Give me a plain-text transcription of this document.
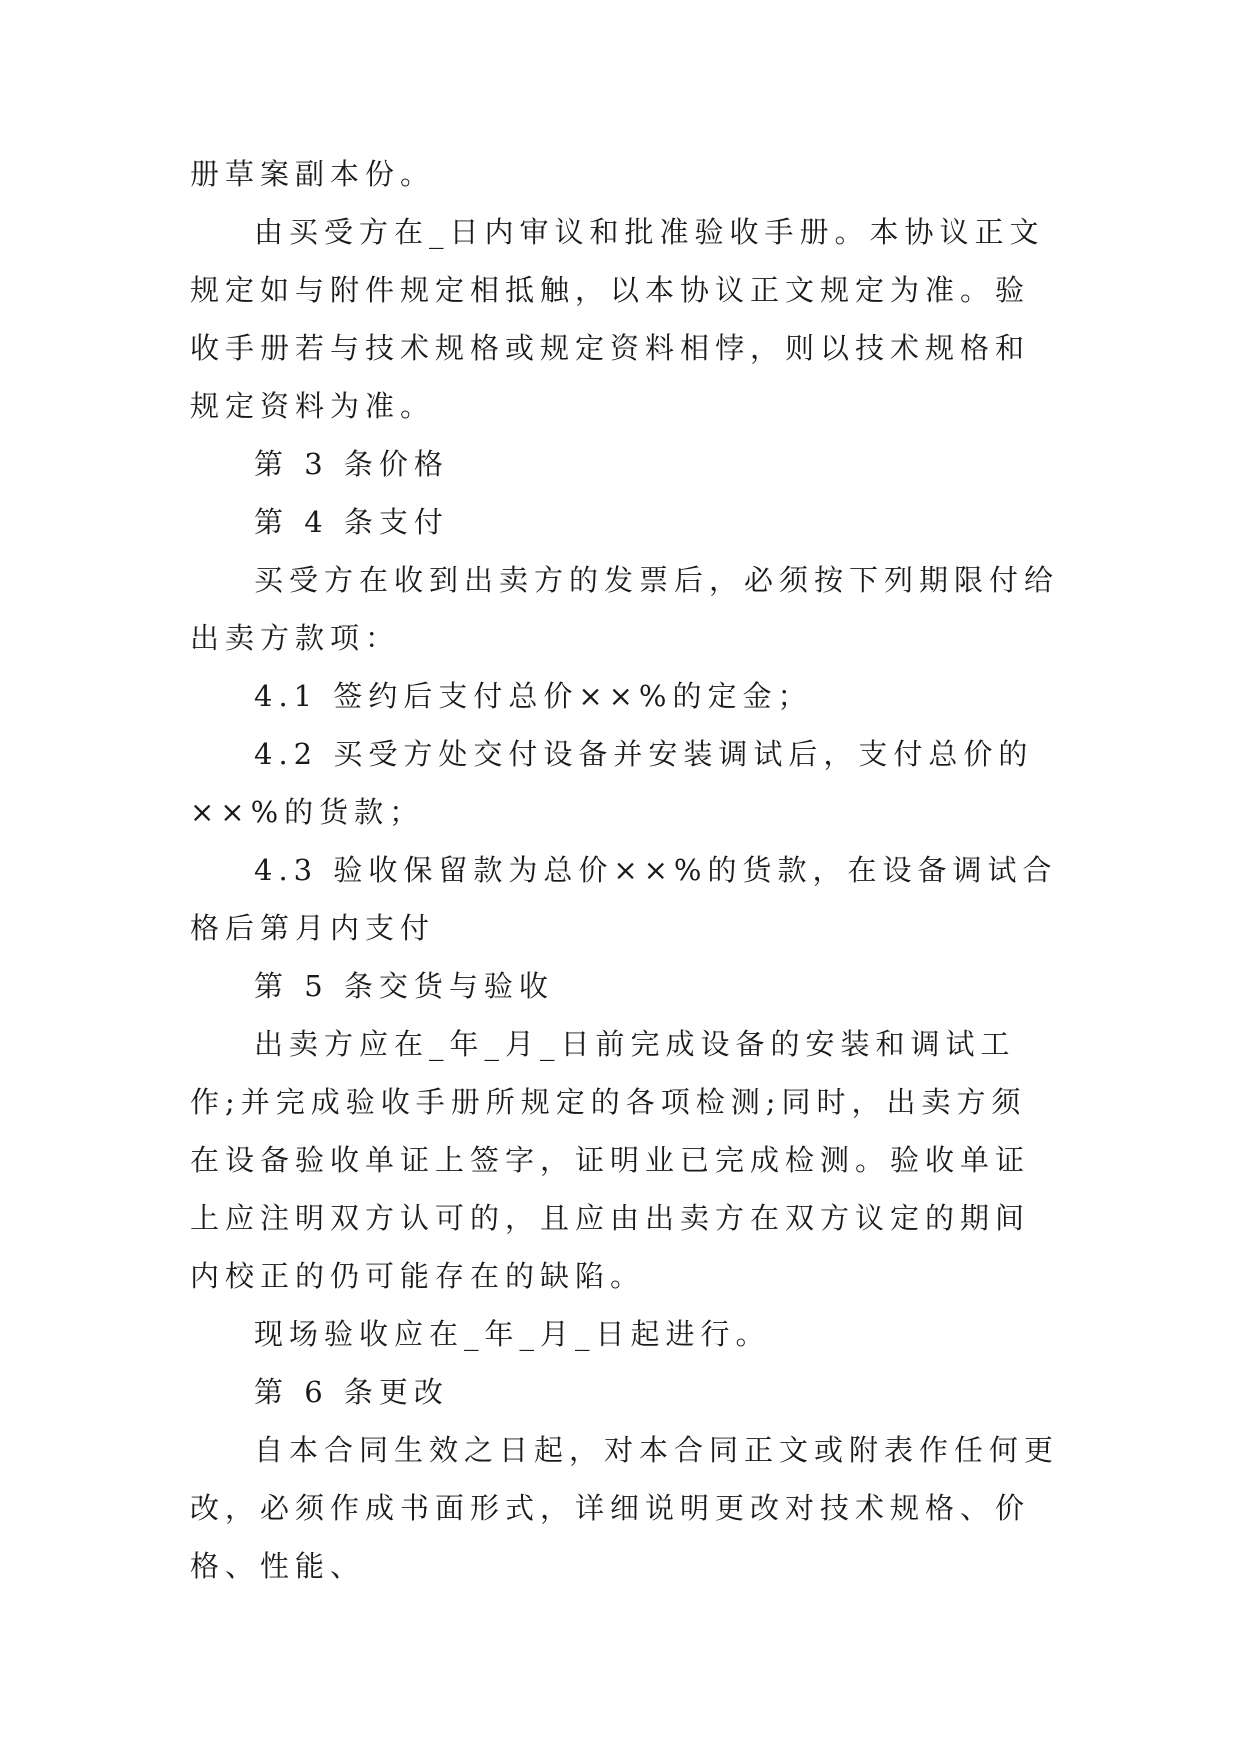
册草案副本份。

由买受方在_日内审议和批准验收手册。本协议正文规定如与附件规定相抵触，以本协议正文规定为准。验收手册若与技术规格或规定资料相悖，则以技术规格和规定资料为准。

第 3 条价格

第 4 条支付

买受方在收到出卖方的发票后，必须按下列期限付给出卖方款项：

4.1 签约后支付总价××%的定金；

4.2 买受方处交付设备并安装调试后，支付总价的××%的货款；

4.3 验收保留款为总价××%的货款，在设备调试合格后第月内支付

第 5 条交货与验收

出卖方应在_年_月_日前完成设备的安装和调试工作;并完成验收手册所规定的各项检测;同时，出卖方须在设备验收单证上签字，证明业已完成检测。验收单证上应注明双方认可的，且应由出卖方在双方议定的期间内校正的仍可能存在的缺陷。

现场验收应在_年_月_日起进行。

第 6 条更改

自本合同生效之日起，对本合同正文或附表作任何更改，必须作成书面形式，详细说明更改对技术规格、价格、性能、
